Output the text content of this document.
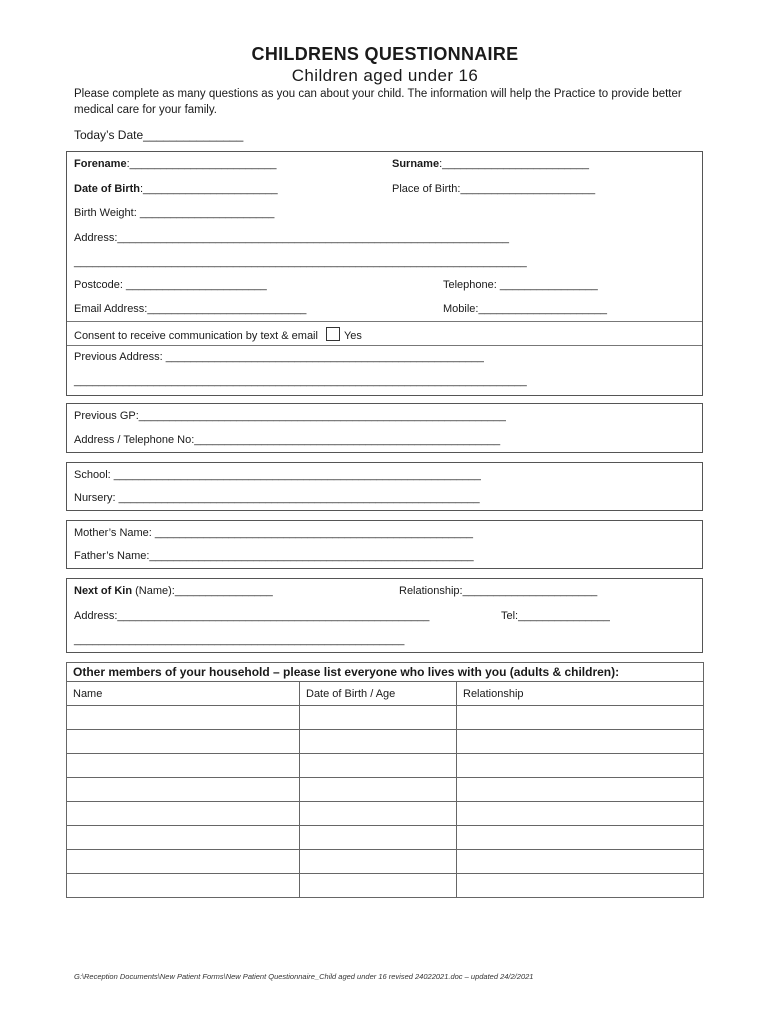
CHILDRENS QUESTIONNAIRE
Children aged under 16
Please complete as many questions as you can about your child. The information will help the Practice to provide better medical care for your family.
Today’s Date_______________
Forename:________________________	Surname:________________________
Date of Birth:______________________	Place of Birth:______________________
Birth Weight: ______________________
Address:________________________________________________________________
__________________________________________________________________________
Postcode: _______________________	Telephone: ________________
Email Address:__________________________	Mobile:_____________________
Consent to receive communication by text & email Yes
Previous Address: ____________________________________________________
__________________________________________________________________________
Previous GP:____________________________________________________________
Address / Telephone No:__________________________________________________
School: ____________________________________________________________
Nursery: ___________________________________________________________
Mother’s Name: ____________________________________________________
Father’s Name:_____________________________________________________
Next of Kin (Name):________________	Relationship:______________________
Address:___________________________________________________	Tel:_______________
______________________________________________________
Other members of your household – please list everyone who lives with you (adults & children):		
Name	Date of Birth / Age	Relationship

G:\Reception Documents\New Patient Forms\New Patient Questionnaire_Child aged under 16 revised 24022021.doc – updated 24/2/2021
